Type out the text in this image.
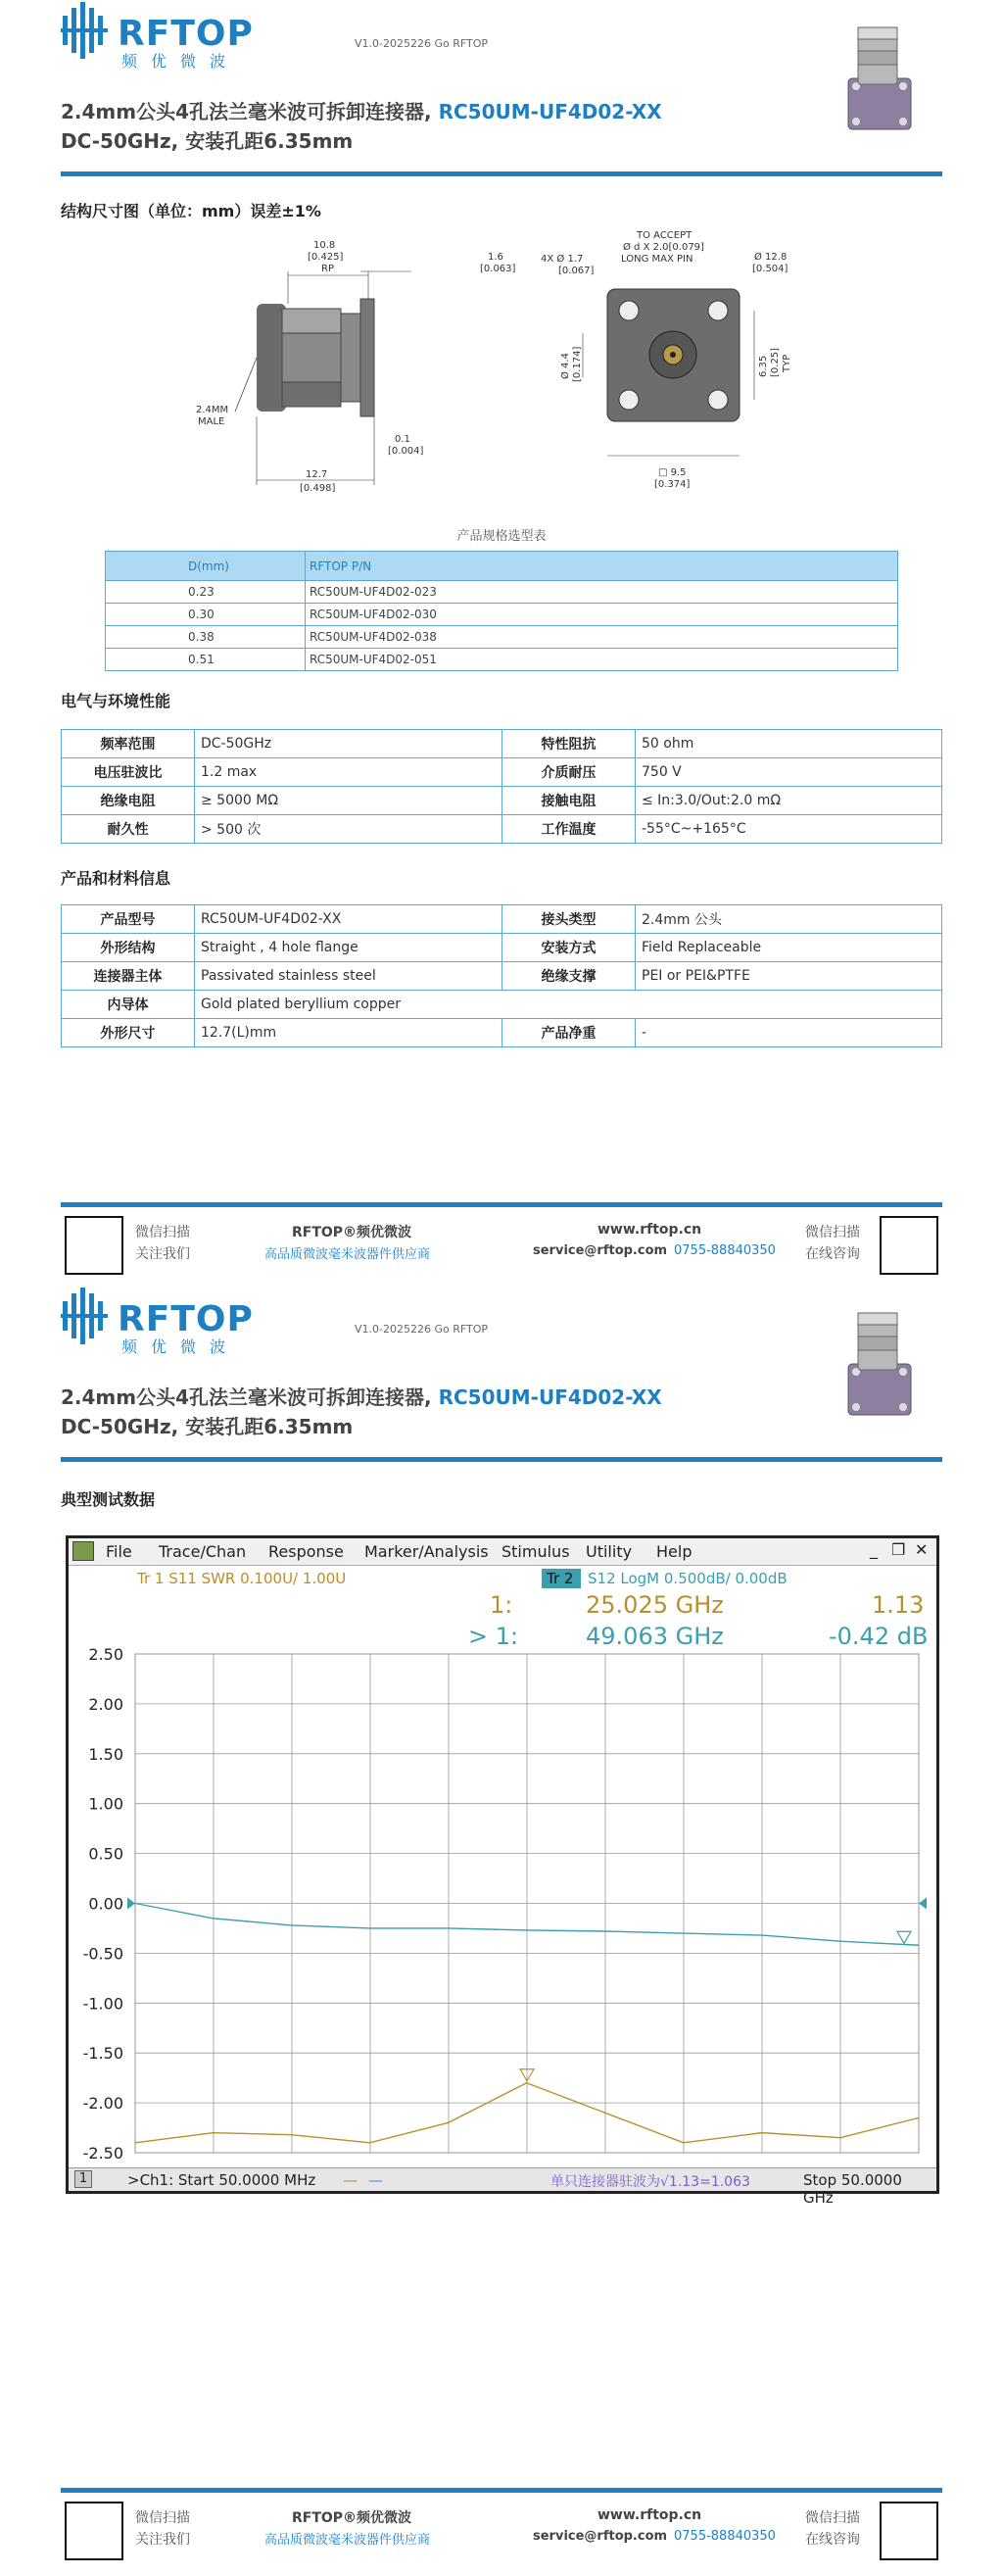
RFTOP
频优微波
V1.0-2025226 Go RFTOP
2.4mm公头4孔法兰毫米波可拆卸连接器, RC50UM-UF4D02-XX
DC-50GHz, 安装孔距6.35mm
结构尺寸图（单位：mm）误差±1%
10.8
[0.425]
RP
1.6
[0.063]
2.4MM
MALE
0.1
[0.004]
12.7
[0.498]
4X Ø 1.7
[0.067]
TO ACCEPT
Ø d X 2.0[0.079]
LONG MAX PIN	Ø 12.8
[0.504]
Ø 4.4 [0.174]	6.35 [0.25] TYP
□ 9.5
[0.374]
产品规格选型表
D(mm)	RFTOP P/N
0.23	RC50UM-UF4D02-023
0.30	RC50UM-UF4D02-030
0.38	RC50UM-UF4D02-038
0.51	RC50UM-UF4D02-051
电气与环境性能
频率范围	DC-50GHz	特性阻抗	50 ohm
电压驻波比	1.2 max	介质耐压	750 V
绝缘电阻	≥ 5000 MΩ	接触电阻	≤ In:3.0/Out:2.0 mΩ
耐久性	> 500 次	工作温度	-55°C~+165°C
产品和材料信息
产品型号	RC50UM-UF4D02-XX	接头类型	2.4mm 公头
外形结构	Straight , 4 hole flange	安装方式	Field Replaceable
连接器主体	Passivated stainless steel	绝缘支撑	PEI or PEI&PTFE
内导体	Gold plated beryllium copper		
外形尺寸	12.7(L)mm	产品净重	-
微信扫描
关注我们
RFTOP®频优微波
高品质微波毫米波器件供应商
www.rftop.cn
service@rftop.com 0755-88840350
微信扫描
在线咨询
RFTOP
频优微波
V1.0-2025226 Go RFTOP
2.4mm公头4孔法兰毫米波可拆卸连接器, RC50UM-UF4D02-XX
DC-50GHz, 安装孔距6.35mm
典型测试数据
File Trace/Chan Response Marker/Analysis Stimulus Utility Help	_ ❐ ✕
Tr 1 S11 SWR 0.100U/ 1.00U	Tr 2 S12 LogM 0.500dB/ 0.00dB
1:	25.025 GHz	1.13
> 1:	49.063 GHz	-0.42 dB
2.50
2.00
1.50
1.00
0.50
0.00
-0.50
-1.00
-1.50
-2.00
-2.50
1	>Ch1: Start 50.0000 MHz — —	单只连接器驻波为√1.13=1.063	Stop 50.0000 GHz
微信扫描
关注我们
RFTOP®频优微波
高品质微波毫米波器件供应商
www.rftop.cn
service@rftop.com 0755-88840350
微信扫描
在线咨询
